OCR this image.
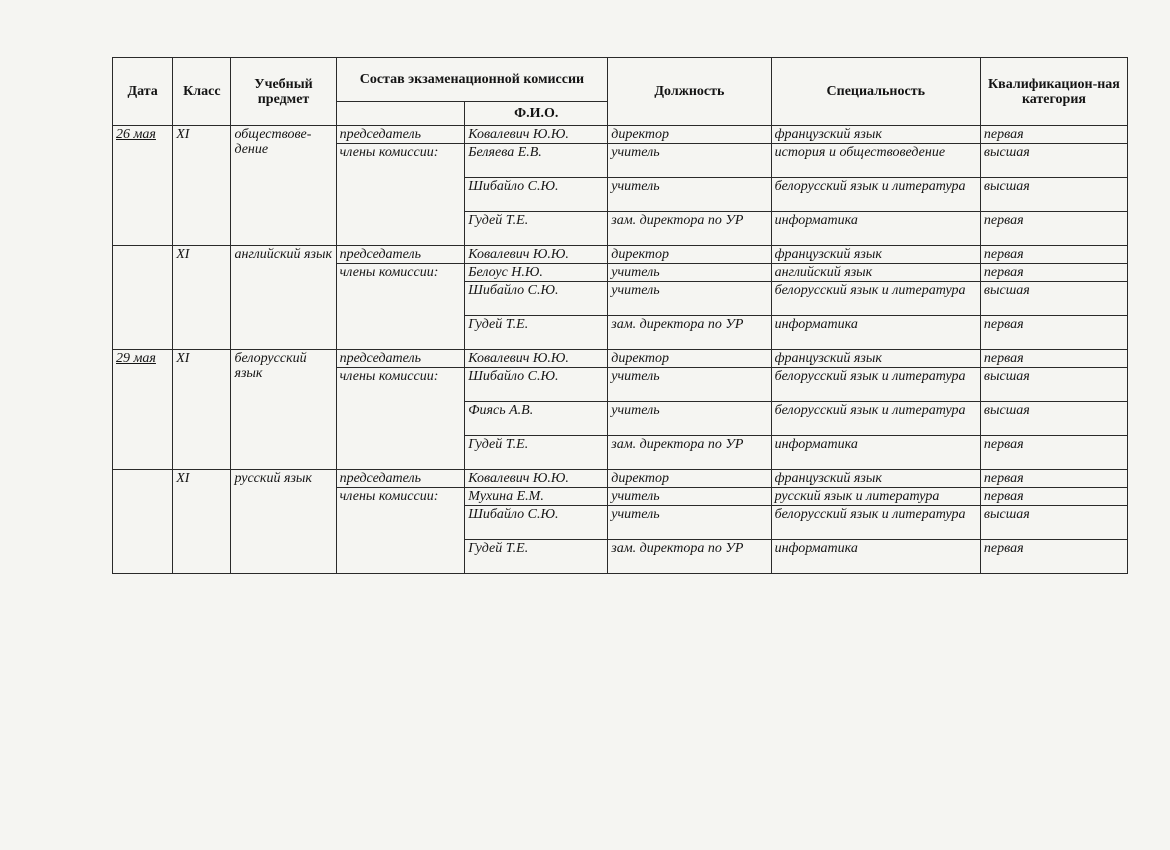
Дата	Класс	Учебный предмет	Состав экзаменационной комиссии		Должность	Специальность	Квалификацион-ная категория
				Ф.И.О.			
26 мая	XI	обществове-дение	председатель	Ковалевич Ю.Ю.	директор	французский язык	первая
			члены комиссии:	Беляева Е.В.	учитель	история и обществоведение	высшая
				Шибайло С.Ю.	учитель	белорусский язык и литература	высшая
				Гудей Т.Е.	зам. директора по УР	информатика	первая
	XI	английский язык	председатель	Ковалевич Ю.Ю.	директор	французский язык	первая
			члены комиссии:	Белоус Н.Ю.	учитель	английский язык	первая
				Шибайло С.Ю.	учитель	белорусский язык и литература	высшая
				Гудей Т.Е.	зам. директора по УР	информатика	первая
29 мая	XI	белорусский язык	председатель	Ковалевич Ю.Ю.	директор	французский язык	первая
			члены комиссии:	Шибайло С.Ю.	учитель	белорусский язык и литература	высшая
				Фиясь А.В.	учитель	белорусский язык и литература	высшая
				Гудей Т.Е.	зам. директора по УР	информатика	первая
	XI	русский язык	председатель	Ковалевич Ю.Ю.	директор	французский язык	первая
			члены комиссии:	Мухина Е.М.	учитель	русский язык и литература	первая
				Шибайло С.Ю.	учитель	белорусский язык и литература	высшая
				Гудей Т.Е.	зам. директора по УР	информатика	первая
